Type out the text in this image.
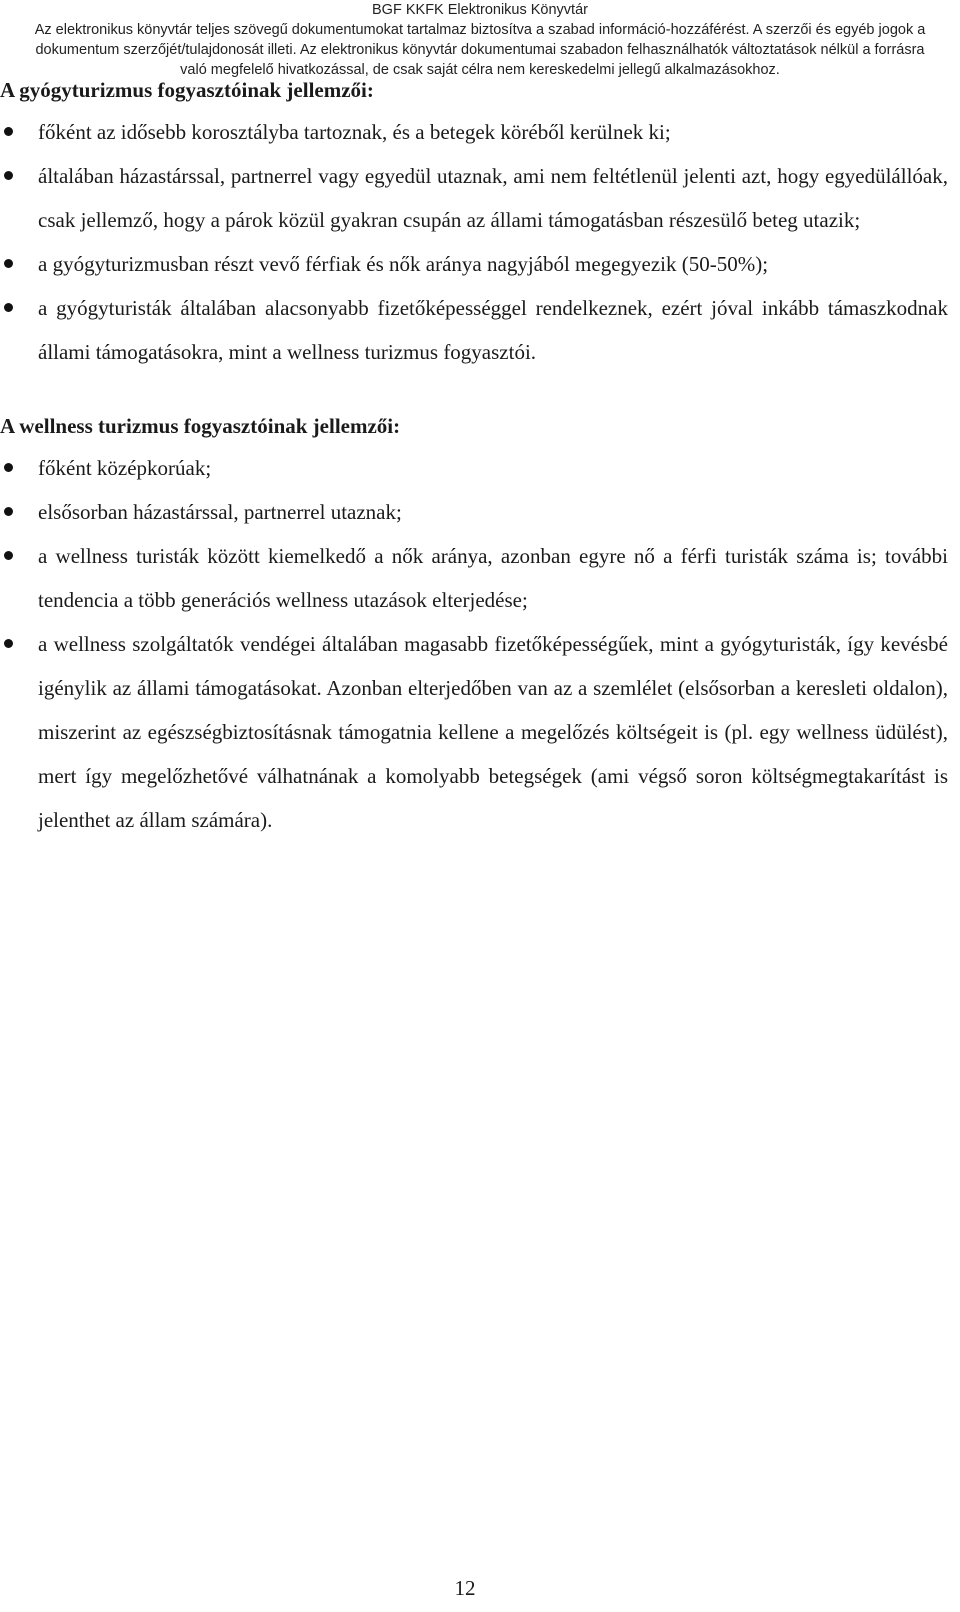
BGF KKFK Elektronikus Könyvtár
Az elektronikus könyvtár teljes szövegű dokumentumokat tartalmaz biztosítva a szabad információ-hozzáférést. A szerzői és egyéb jogok a
dokumentum szerzőjét/tulajdonosát illeti. Az elektronikus könyvtár dokumentumai szabadon felhasználhatók változtatások nélkül a forrásra
való megfelelő hivatkozással, de csak saját célra nem kereskedelmi jellegű alkalmazásokhoz.
A gyógyturizmus fogyasztóinak jellemzői:
főként az idősebb korosztályba tartoznak, és a betegek köréből kerülnek ki;
általában házastárssal, partnerrel vagy egyedül utaznak, ami nem feltétlenül jelenti azt, hogy egyedülállóak, csak jellemző, hogy a párok közül gyakran csupán az állami támogatásban részesülő beteg utazik;
a gyógyturizmusban részt vevő férfiak és nők aránya nagyjából megegyezik (50-50%);
a gyógyturisták általában alacsonyabb fizetőképességgel rendelkeznek, ezért jóval inkább támaszkodnak állami támogatásokra, mint a wellness turizmus fogyasztói.
A wellness turizmus fogyasztóinak jellemzői:
főként középkorúak;
elsősorban házastárssal, partnerrel utaznak;
a wellness turisták között kiemelkedő a nők aránya, azonban egyre nő a férfi turisták száma is; további tendencia a több generációs wellness utazások elterjedése;
a wellness szolgáltatók vendégei általában magasabb fizetőképességűek, mint a gyógyturisták, így kevésbé igénylik az állami támogatásokat. Azonban elterjedőben van az a szemlélet (elsősorban a keresleti oldalon), miszerint az egészségbiztosításnak támogatnia kellene a megelőzés költségeit is (pl. egy wellness üdülést), mert így megelőzhetővé válhatnának a komolyabb betegségek (ami végső soron költségmegtakarítást is jelenthet az állam számára).
12
